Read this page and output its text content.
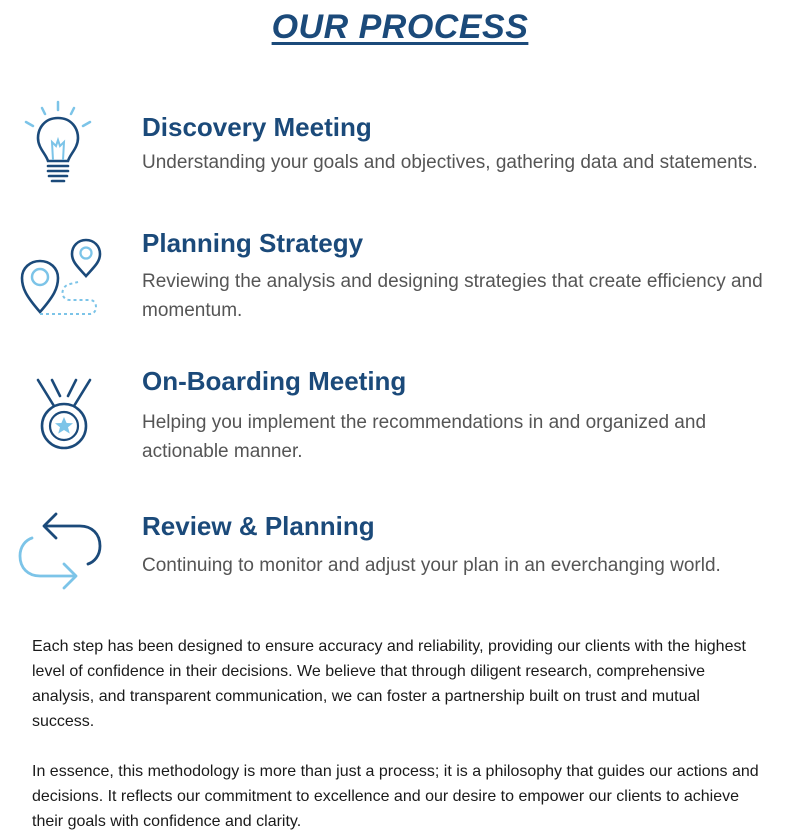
OUR PROCESS
Discovery Meeting
Understanding your goals and objectives, gathering data and statements.
Planning Strategy
Reviewing the analysis and designing strategies that create efficiency and momentum.
On-Boarding Meeting
Helping you implement the recommendations in and organized and actionable manner.
Review & Planning
Continuing to monitor and adjust your plan in an everchanging world.

Each step has been designed to ensure accuracy and reliability, providing our clients with the highest level of confidence in their decisions. We believe that through diligent research, comprehensive analysis, and transparent communication, we can foster a partnership built on trust and mutual success.

In essence, this methodology is more than just a process; it is a philosophy that guides our actions and decisions. It reflects our commitment to excellence and our desire to empower our clients to achieve their goals with confidence and clarity.
